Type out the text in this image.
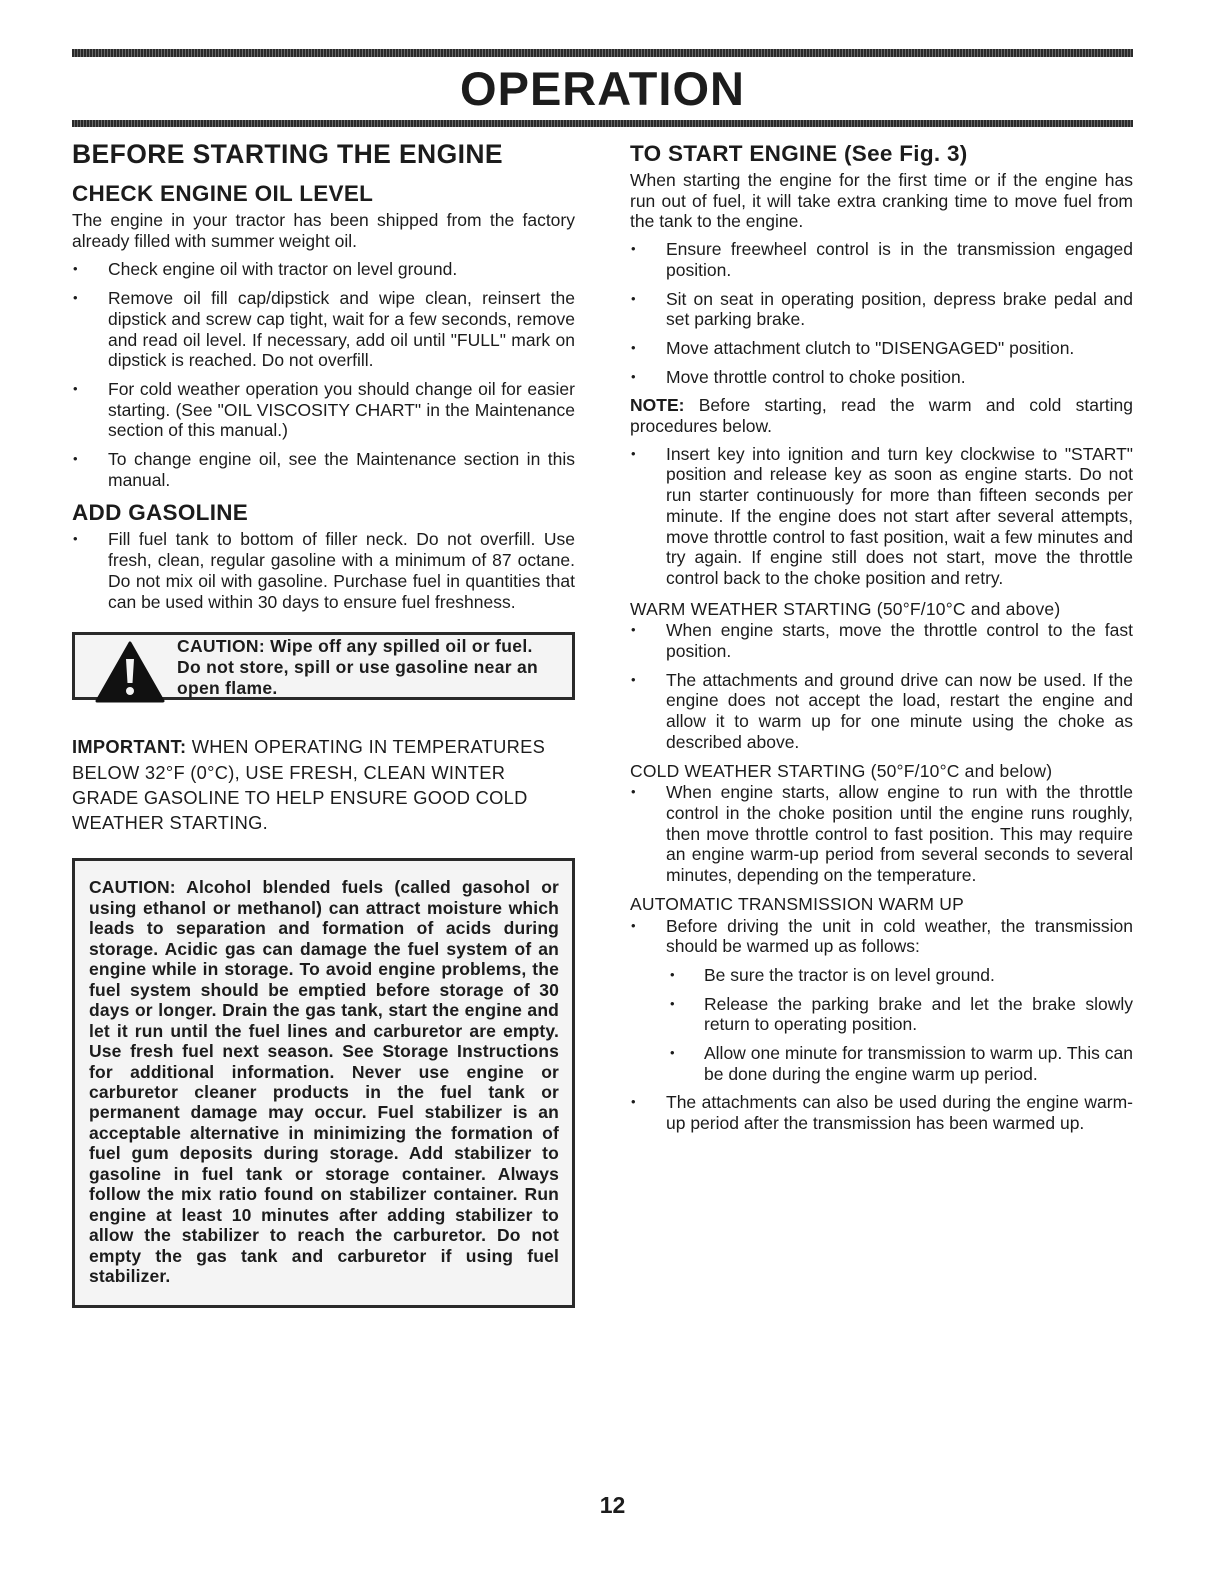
OPERATION
BEFORE STARTING THE ENGINE
CHECK ENGINE OIL LEVEL

The engine in your tractor has been shipped from the factory already filled with summer weight oil.

• Check engine oil with tractor on level ground.
• Remove oil fill cap/dipstick and wipe clean, reinsert the dipstick and screw cap tight, wait for a few seconds, remove and read oil level. If necessary, add oil until "FULL" mark on dipstick is reached. Do not overfill.
• For cold weather operation you should change oil for easier starting. (See "OIL VISCOSITY CHART" in the Maintenance section of this manual.)
• To change engine oil, see the Maintenance section in this manual.
ADD GASOLINE
• Fill fuel tank to bottom of filler neck. Do not overfill. Use fresh, clean, regular gasoline with a minimum of 87 octane. Do not mix oil with gasoline. Purchase fuel in quantities that can be used within 30 days to ensure fuel freshness.
CAUTION: Wipe off any spilled oil or fuel. Do not store, spill or use gasoline near an open flame.

IMPORTANT: WHEN OPERATING IN TEMPERATURES BELOW 32°F (0°C), USE FRESH, CLEAN WINTER GRADE GASOLINE TO HELP ENSURE GOOD COLD WEATHER STARTING.

CAUTION: Alcohol blended fuels (called gasohol or using ethanol or methanol) can attract moisture which leads to separation and formation of acids during storage. Acidic gas can damage the fuel system of an engine while in storage. To avoid engine problems, the fuel system should be emptied before storage of 30 days or longer. Drain the gas tank, start the engine and let it run until the fuel lines and carburetor are empty. Use fresh fuel next season. See Storage Instructions for additional information. Never use engine or carburetor cleaner products in the fuel tank or permanent damage may occur. Fuel stabilizer is an acceptable alternative in minimizing the formation of fuel gum deposits during storage. Add stabilizer to gasoline in fuel tank or storage container. Always follow the mix ratio found on stabilizer container. Run engine at least 10 minutes after adding stabilizer to allow the stabilizer to reach the carburetor. Do not empty the gas tank and carburetor if using fuel stabilizer.
TO START ENGINE (See Fig. 3)

When starting the engine for the first time or if the engine has run out of fuel, it will take extra cranking time to move fuel from the tank to the engine.

• Ensure freewheel control is in the transmission engaged position.
• Sit on seat in operating position, depress brake pedal and set parking brake.
• Move attachment clutch to "DISENGAGED" position.
• Move throttle control to choke position.

NOTE: Before starting, read the warm and cold starting procedures below.

• Insert key into ignition and turn key clockwise to "START" position and release key as soon as engine starts. Do not run starter continuously for more than fifteen seconds per minute. If the engine does not start after several attempts, move throttle control to fast position, wait a few minutes and try again. If engine still does not start, move the throttle control back to the choke position and retry.
WARM WEATHER STARTING (50°F/10°C and above)
• When engine starts, move the throttle control to the fast position.
• The attachments and ground drive can now be used. If the engine does not accept the load, restart the engine and allow it to warm up for one minute using the choke as described above.
COLD WEATHER STARTING (50°F/10°C and below)
• When engine starts, allow engine to run with the throttle control in the choke position until the engine runs roughly, then move throttle control to fast position. This may require an engine warm-up period from several seconds to several minutes, depending on the temperature.
AUTOMATIC TRANSMISSION WARM UP
• Before driving the unit in cold weather, the transmission should be warmed up as follows:
• Be sure the tractor is on level ground.
• Release the parking brake and let the brake slowly return to operating position.
• Allow one minute for transmission to warm up. This can be done during the engine warm up period.
• The attachments can also be used during the engine warm-up period after the transmission has been warmed up.

12
